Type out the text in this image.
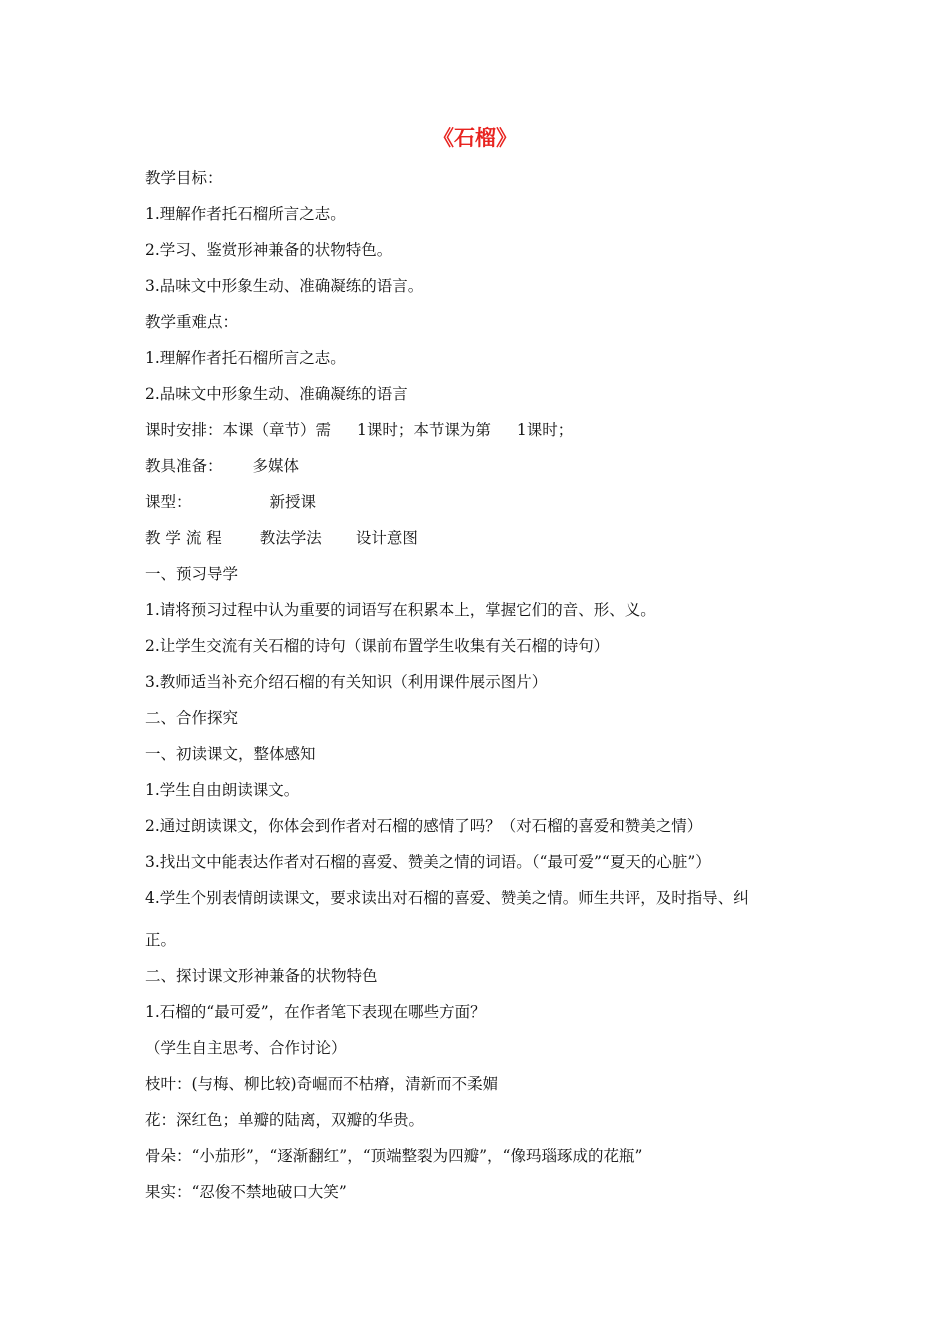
《石榴》
教学目标：
1.理解作者托石榴所言之志。
2.学习、鉴赏形神兼备的状物特色。
3.品味文中形象生动、准确凝练的语言。
教学重难点：
1.理解作者托石榴所言之志。
2.品味文中形象生动、准确凝练的语言
课时安排：本课（章节）需 1课时；本节课为第 1课时；
教具准备： 多媒体
课型：	新授课
教 学 流 程 教法学法 设计意图
一、预习导学
1.请将预习过程中认为重要的词语写在积累本上，掌握它们的音、形、义。
2.让学生交流有关石榴的诗句（课前布置学生收集有关石榴的诗句）
3.教师适当补充介绍石榴的有关知识（利用课件展示图片）
二、合作探究
一、初读课文，整体感知
1.学生自由朗读课文。
2.通过朗读课文，你体会到作者对石榴的感情了吗？（对石榴的喜爱和赞美之情）
3.找出文中能表达作者对石榴的喜爱、赞美之情的词语。（“最可爱”“夏天的心脏”）
4.学生个别表情朗读课文，要求读出对石榴的喜爱、赞美之情。师生共评，及时指导、纠
正。
二、探讨课文形神兼备的状物特色
1.石榴的“最可爱”，在作者笔下表现在哪些方面？
（学生自主思考、合作讨论）
枝叶：(与梅、柳比较)奇崛而不枯瘠，清新而不柔媚
花：深红色；单瓣的陆离，双瓣的华贵。
骨朵：“小茄形”，“逐渐翻红”，“顶端整裂为四瓣”，“像玛瑙琢成的花瓶”
果实：“忍俊不禁地破口大笑”
